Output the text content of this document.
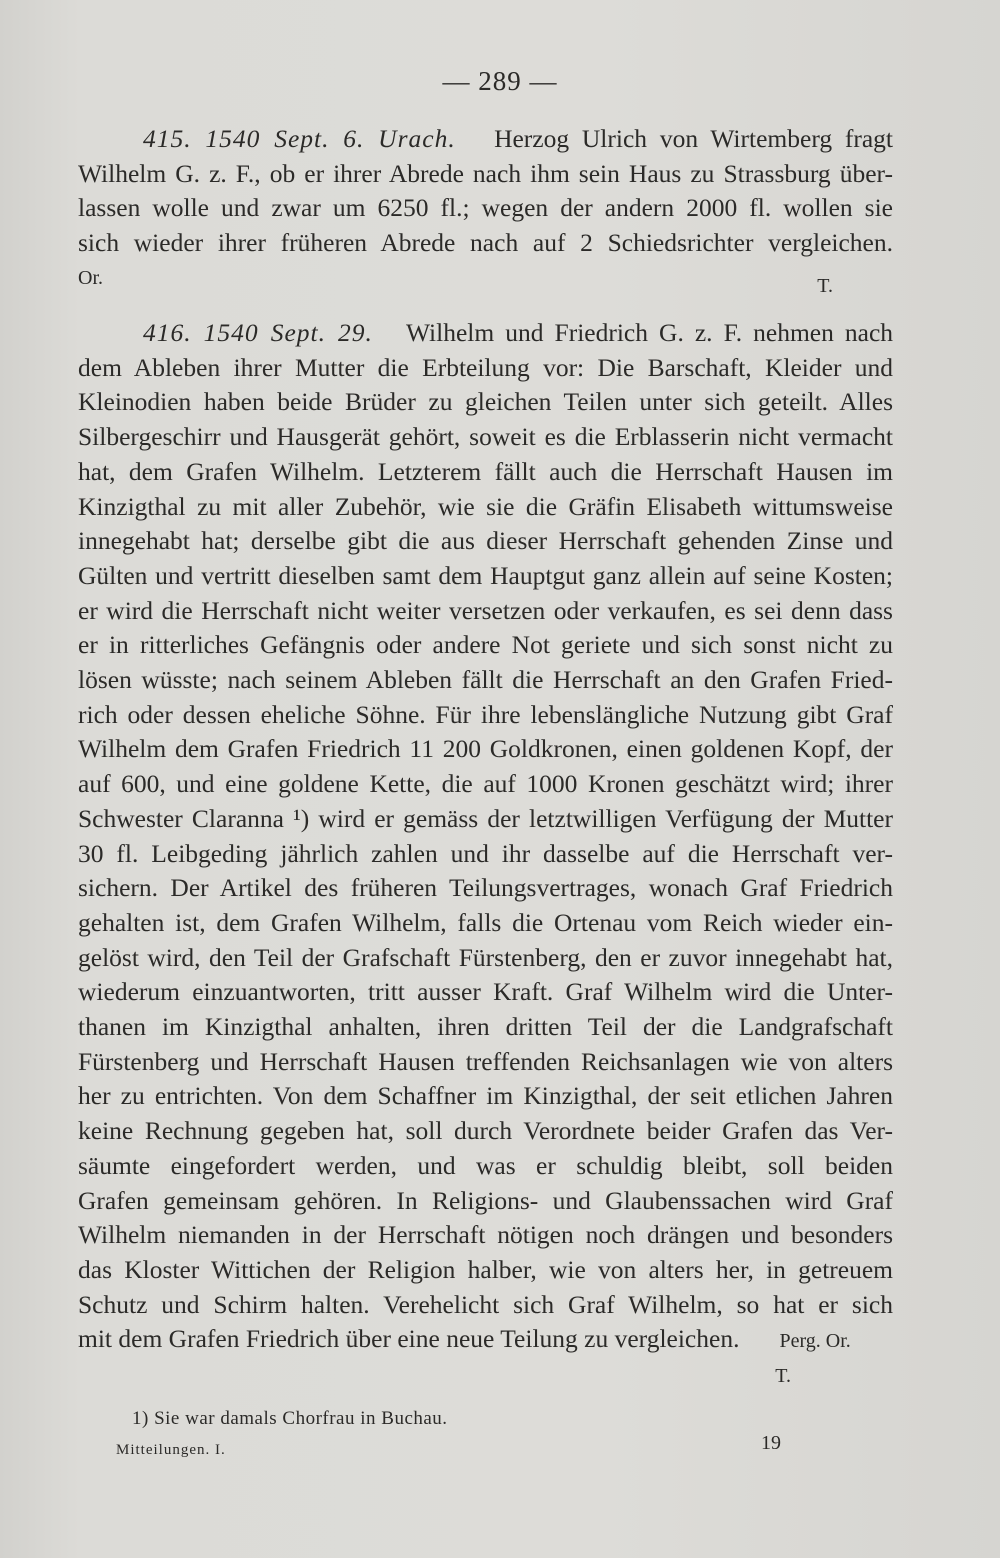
— 289 —
415. 1540 Sept. 6. Urach. Herzog Ulrich von Wirtemberg fragt
Wilhelm G. z. F., ob er ihrer Abrede nach ihm sein Haus zu Strassburg über-
lassen wolle und zwar um 6250 fl.; wegen der andern 2000 fl. wollen sie
sich wieder ihrer früheren Abrede nach auf 2 Schiedsrichter vergleichen.
Or.	T.
416. 1540 Sept. 29. Wilhelm und Friedrich G. z. F. nehmen nach
dem Ableben ihrer Mutter die Erbteilung vor: Die Barschaft, Kleider und
Kleinodien haben beide Brüder zu gleichen Teilen unter sich geteilt. Alles
Silbergeschirr und Hausgerät gehört, soweit es die Erblasserin nicht vermacht
hat, dem Grafen Wilhelm. Letzterem fällt auch die Herrschaft Hausen im
Kinzigthal zu mit aller Zubehör, wie sie die Gräfin Elisabeth wittumsweise
innegehabt hat; derselbe gibt die aus dieser Herrschaft gehenden Zinse und
Gülten und vertritt dieselben samt dem Hauptgut ganz allein auf seine Kosten;
er wird die Herrschaft nicht weiter versetzen oder verkaufen, es sei denn dass
er in ritterliches Gefängnis oder andere Not geriete und sich sonst nicht zu
lösen wüsste; nach seinem Ableben fällt die Herrschaft an den Grafen Fried-
rich oder dessen eheliche Söhne. Für ihre lebenslängliche Nutzung gibt Graf
Wilhelm dem Grafen Friedrich 11 200 Goldkronen, einen goldenen Kopf, der
auf 600, und eine goldene Kette, die auf 1000 Kronen geschätzt wird; ihrer
Schwester Claranna ¹) wird er gemäss der letztwilligen Verfügung der Mutter
30 fl. Leibgeding jährlich zahlen und ihr dasselbe auf die Herrschaft ver-
sichern. Der Artikel des früheren Teilungsvertrages, wonach Graf Friedrich
gehalten ist, dem Grafen Wilhelm, falls die Ortenau vom Reich wieder ein-
gelöst wird, den Teil der Grafschaft Fürstenberg, den er zuvor innegehabt hat,
wiederum einzuantworten, tritt ausser Kraft. Graf Wilhelm wird die Unter-
thanen im Kinzigthal anhalten, ihren dritten Teil der die Landgrafschaft
Fürstenberg und Herrschaft Hausen treffenden Reichsanlagen wie von alters
her zu entrichten. Von dem Schaffner im Kinzigthal, der seit etlichen Jahren
keine Rechnung gegeben hat, soll durch Verordnete beider Grafen das Ver-
säumte eingefordert werden, und was er schuldig bleibt, soll beiden
Grafen gemeinsam gehören. In Religions- und Glaubenssachen wird Graf
Wilhelm niemanden in der Herrschaft nötigen noch drängen und besonders
das Kloster Wittichen der Religion halber, wie von alters her, in getreuem
Schutz und Schirm halten. Verehelicht sich Graf Wilhelm, so hat er sich
mit dem Grafen Friedrich über eine neue Teilung zu vergleichen. Perg. Or.
T.
1) Sie war damals Chorfrau in Buchau.
Mitteilungen. I.	19
